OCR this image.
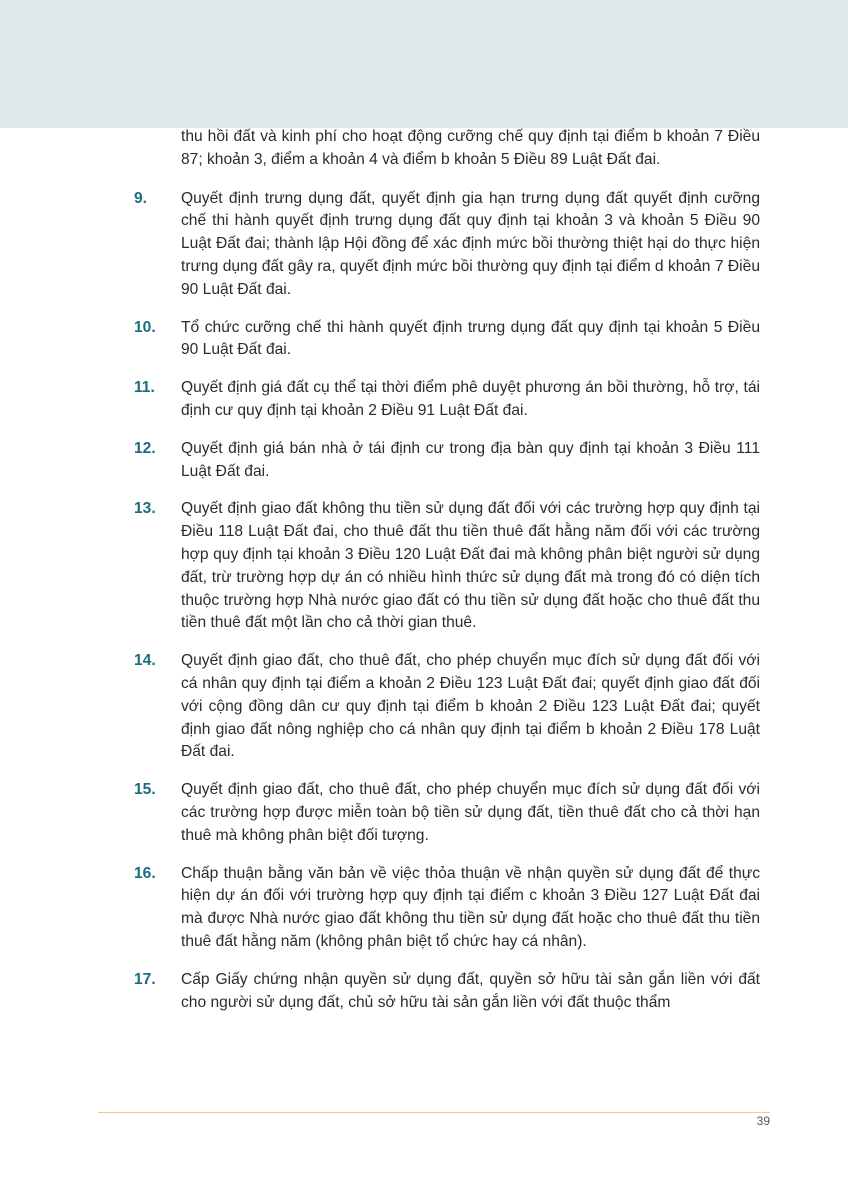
thu hồi đất và kinh phí cho hoạt động cưỡng chế quy định tại điểm b khoản 7 Điều 87; khoản 3, điểm a khoản 4 và điểm b khoản 5 Điều 89 Luật Đất đai.
9.	Quyết định trưng dụng đất, quyết định gia hạn trưng dụng đất quyết định cưỡng chế thi hành quyết định trưng dụng đất quy định tại khoản 3 và khoản 5 Điều 90 Luật Đất đai; thành lập Hội đồng để xác định mức bồi thường thiệt hại do thực hiện trưng dụng đất gây ra, quyết định mức bồi thường quy định tại điểm d khoản 7 Điều 90 Luật Đất đai.
10.	Tổ chức cưỡng chế thi hành quyết định trưng dụng đất quy định tại khoản 5 Điều 90 Luật Đất đai.
11.	Quyết định giá đất cụ thể tại thời điểm phê duyệt phương án bồi thường, hỗ trợ, tái định cư quy định tại khoản 2 Điều 91 Luật Đất đai.
12.	Quyết định giá bán nhà ở tái định cư trong địa bàn quy định tại khoản 3 Điều 111 Luật Đất đai.
13.	Quyết định giao đất không thu tiền sử dụng đất đối với các trường hợp quy định tại Điều 118 Luật Đất đai, cho thuê đất thu tiền thuê đất hằng năm đối với các trường hợp quy định tại khoản 3 Điều 120 Luật Đất đai mà không phân biệt người sử dụng đất, trừ trường hợp dự án có nhiều hình thức sử dụng đất mà trong đó có diện tích thuộc trường hợp Nhà nước giao đất có thu tiền sử dụng đất hoặc cho thuê đất thu tiền thuê đất một lần cho cả thời gian thuê.
14.	Quyết định giao đất, cho thuê đất, cho phép chuyển mục đích sử dụng đất đối với cá nhân quy định tại điểm a khoản 2 Điều 123 Luật Đất đai; quyết định giao đất đối với cộng đồng dân cư quy định tại điểm b khoản 2 Điều 123 Luật Đất đai; quyết định giao đất nông nghiệp cho cá nhân quy định tại điểm b khoản 2 Điều 178 Luật Đất đai.
15.	Quyết định giao đất, cho thuê đất, cho phép chuyển mục đích sử dụng đất đối với các trường hợp được miễn toàn bộ tiền sử dụng đất, tiền thuê đất cho cả thời hạn thuê mà không phân biệt đối tượng.
16.	Chấp thuận bằng văn bản về việc thỏa thuận về nhận quyền sử dụng đất để thực hiện dự án đối với trường hợp quy định tại điểm c khoản 3 Điều 127 Luật Đất đai mà được Nhà nước giao đất không thu tiền sử dụng đất hoặc cho thuê đất thu tiền thuê đất hằng năm (không phân biệt tổ chức hay cá nhân).
17.	Cấp Giấy chứng nhận quyền sử dụng đất, quyền sở hữu tài sản gắn liền với đất cho người sử dụng đất, chủ sở hữu tài sản gắn liền với đất thuộc thẩm
39
